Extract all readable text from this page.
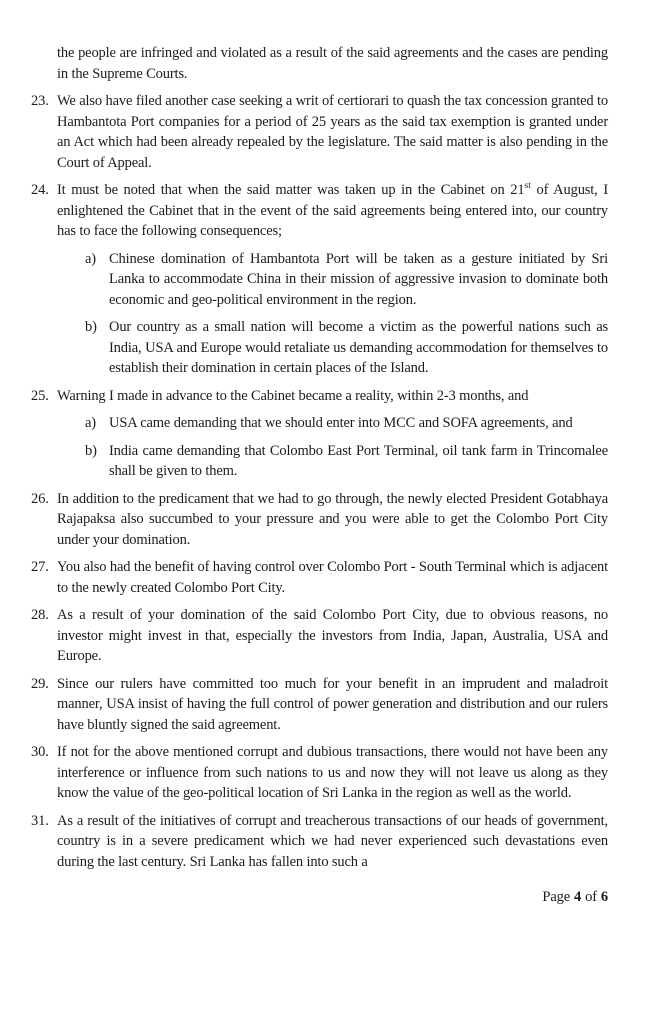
the people are infringed and violated as a result of the said agreements and the cases are pending in the Supreme Courts.
23. We also have filed another case seeking a writ of certiorari to quash the tax concession granted to Hambantota Port companies for a period of 25 years as the said tax exemption is granted under an Act which had been already repealed by the legislature. The said matter is also pending in the Court of Appeal.
24. It must be noted that when the said matter was taken up in the Cabinet on 21st of August, I enlightened the Cabinet that in the event of the said agreements being entered into, our country has to face the following consequences;
a) Chinese domination of Hambantota Port will be taken as a gesture initiated by Sri Lanka to accommodate China in their mission of aggressive invasion to dominate both economic and geo-political environment in the region.
b) Our country as a small nation will become a victim as the powerful nations such as India, USA and Europe would retaliate us demanding accommodation for themselves to establish their domination in certain places of the Island.
25. Warning I made in advance to the Cabinet became a reality, within 2-3 months, and
a) USA came demanding that we should enter into MCC and SOFA agreements, and
b) India came demanding that Colombo East Port Terminal, oil tank farm in Trincomalee shall be given to them.
26. In addition to the predicament that we had to go through, the newly elected President Gotabhaya Rajapaksa also succumbed to your pressure and you were able to get the Colombo Port City under your domination.
27. You also had the benefit of having control over Colombo Port - South Terminal which is adjacent to the newly created Colombo Port City.
28. As a result of your domination of the said Colombo Port City, due to obvious reasons, no investor might invest in that, especially the investors from India, Japan, Australia, USA and Europe.
29. Since our rulers have committed too much for your benefit in an imprudent and maladroit manner, USA insist of having the full control of power generation and distribution and our rulers have bluntly signed the said agreement.
30. If not for the above mentioned corrupt and dubious transactions, there would not have been any interference or influence from such nations to us and now they will not leave us along as they know the value of the geo-political location of Sri Lanka in the region as well as the world.
31. As a result of the initiatives of corrupt and treacherous transactions of our heads of government, country is in a severe predicament which we had never experienced such devastations even during the last century. Sri Lanka has fallen into such a
Page 4 of 6
